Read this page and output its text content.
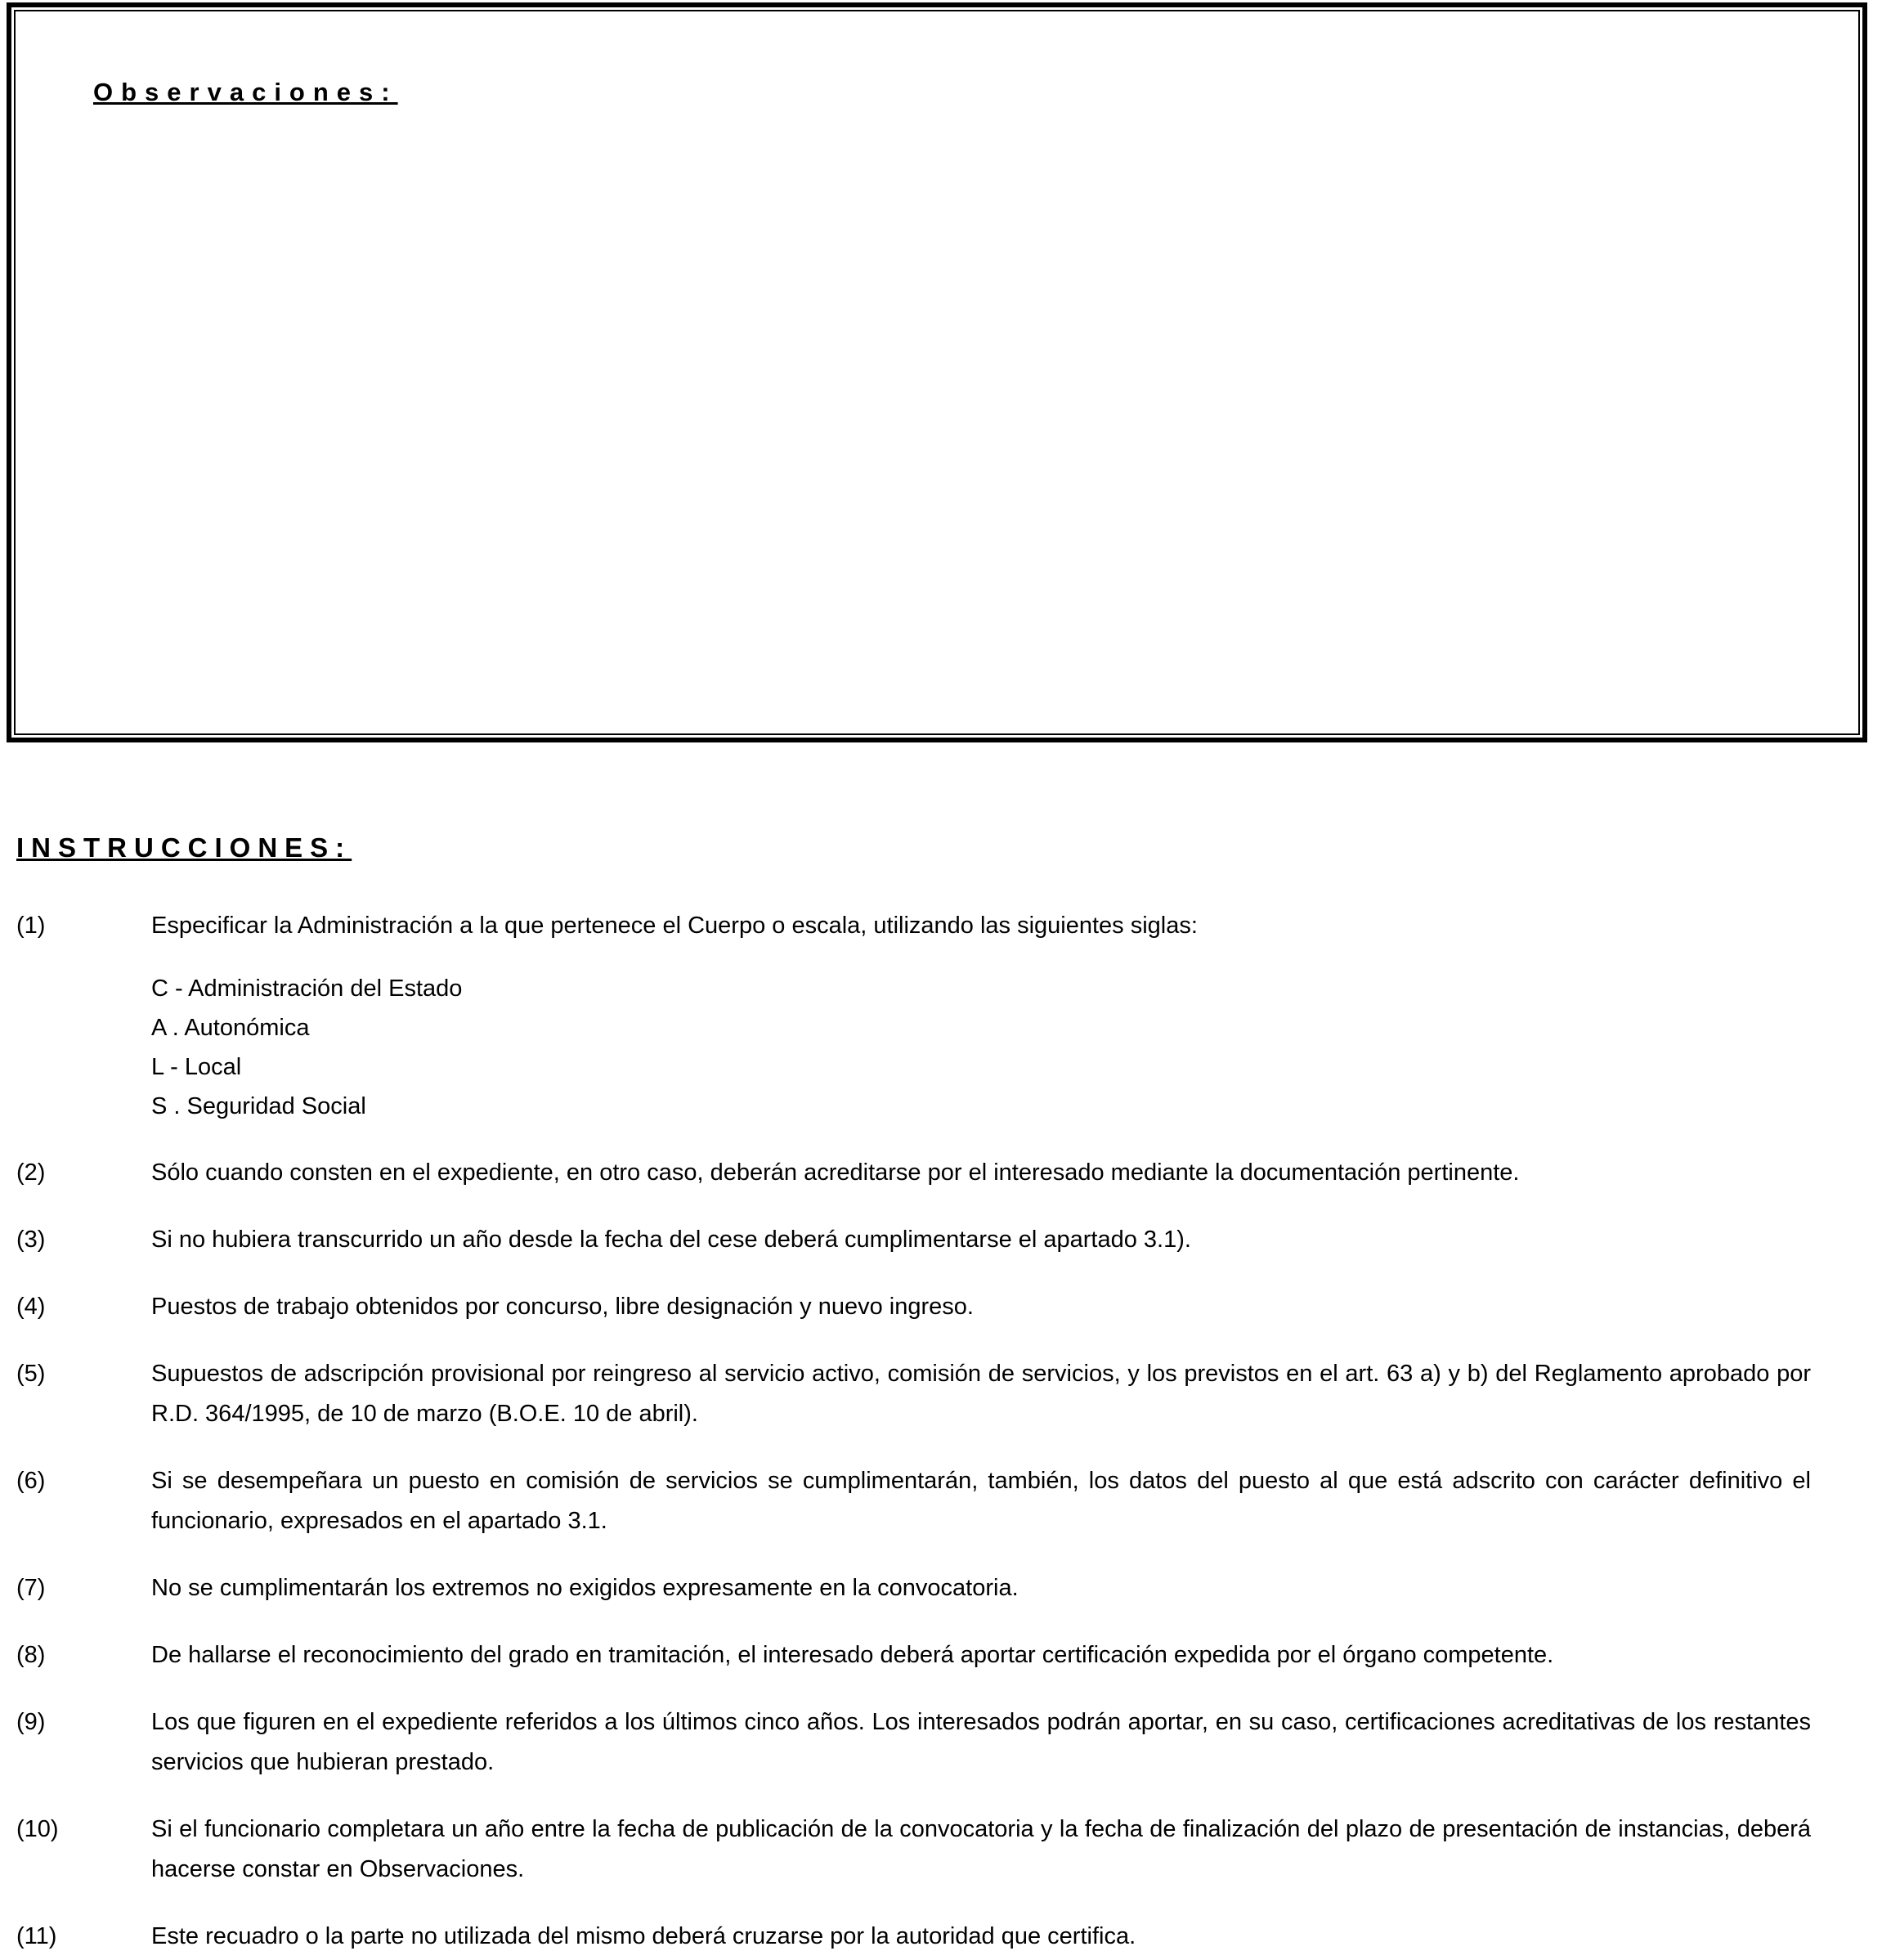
Observaciones:
INSTRUCCIONES:
(1)	Especificar la Administración a la que pertenece el Cuerpo o escala, utilizando las siguientes siglas:
C - Administración del Estado
A . Autonómica
L - Local
S . Seguridad Social
(2)	Sólo cuando consten en el expediente, en otro caso, deberán acreditarse por el interesado mediante la documentación pertinente.
(3)	Si no hubiera transcurrido un año desde la fecha del cese deberá cumplimentarse el apartado 3.1).
(4)	Puestos de trabajo obtenidos por concurso, libre designación y nuevo ingreso.
(5)	Supuestos de adscripción provisional por reingreso al servicio activo, comisión de servicios, y los previstos en el art. 63 a) y b) del Reglamento aprobado por R.D. 364/1995, de 10 de marzo (B.O.E. 10 de abril).
(6)	Si se desempeñara un puesto en comisión de servicios se cumplimentarán, también, los datos del puesto al que está adscrito con carácter definitivo el funcionario, expresados en el apartado 3.1.
(7)	No se cumplimentarán los extremos no exigidos expresamente en la convocatoria.
(8)	De hallarse el reconocimiento del grado en tramitación, el interesado deberá aportar certificación expedida por el órgano competente.
(9)	Los que figuren en el expediente referidos a los últimos cinco años. Los interesados podrán aportar, en su caso, certificaciones acreditativas de los restantes servicios que hubieran prestado.
(10)	Si el funcionario completara un año entre la fecha de publicación de la convocatoria y la fecha de finalización del plazo de presentación de instancias, deberá hacerse constar en Observaciones.
(11)	Este recuadro o la parte no utilizada del mismo deberá cruzarse por la autoridad que certifica.
